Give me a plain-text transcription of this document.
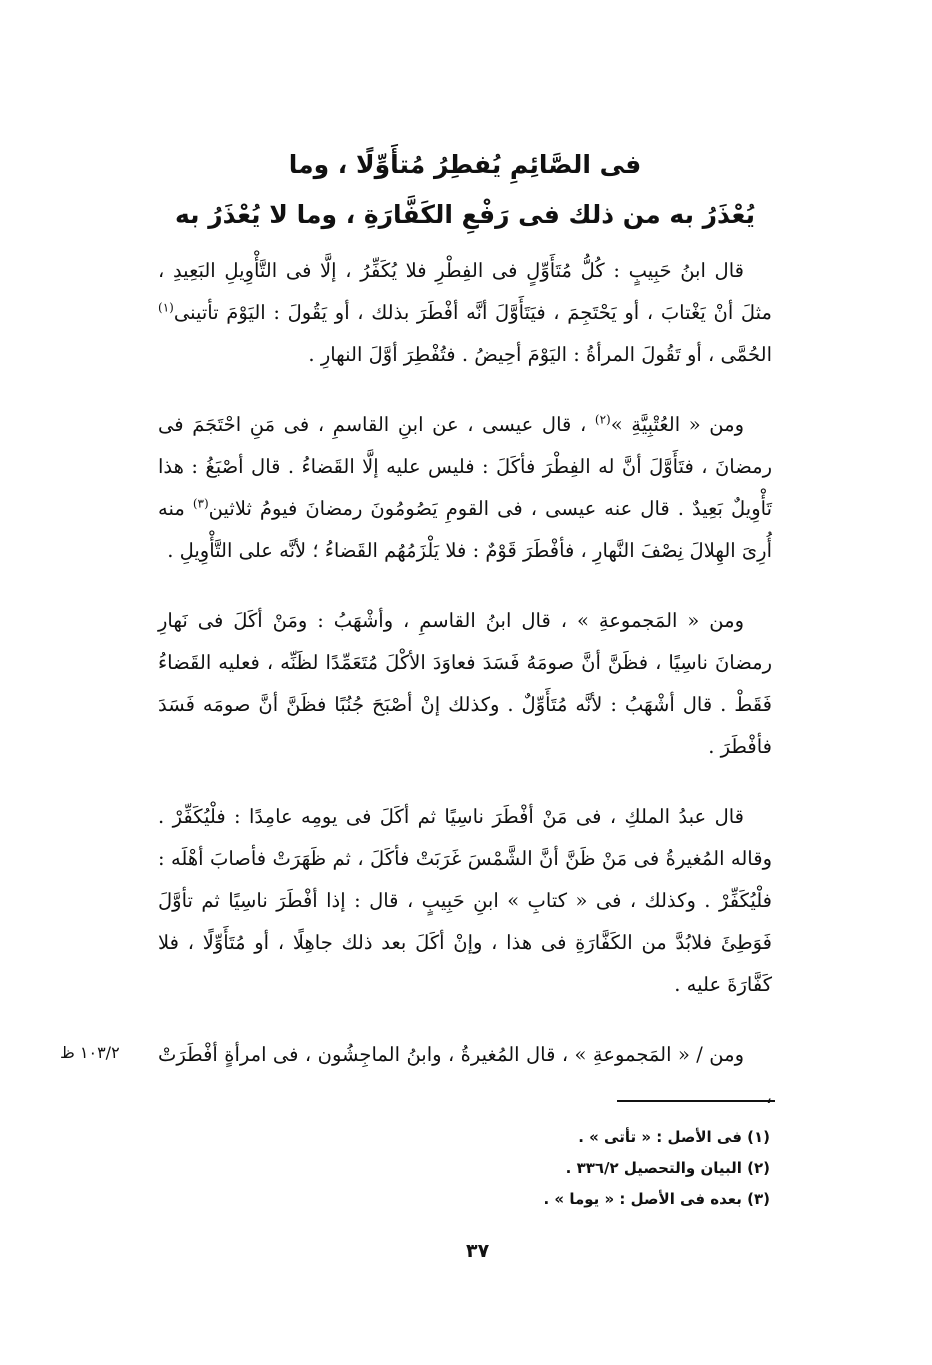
فى الصَّائِمِ يُفطِرُ مُتأَوِّلًا ، وما
يُعْذَرُ به من ذلك فى رَفْعِ الكَفَّارَةِ ، وما لا يُعْذَرُ به

قال ابنُ حَبِيبٍ : كُلُّ مُتَأَوِّلٍ فى الفِطْرِ فلا يُكَفِّرُ ، إلَّا فى التَّأْوِيلِ البَعِيدِ ، مثلَ أنْ يَغْتابَ ، أو يَحْتَجِمَ ، فيَتَأَوَّلَ أنَّه أفْطَرَ بذلك ، أو يَقُولَ : اليَوْمَ تأتينى$^{(١)}$ الحُمَّى ، أو تَقُولَ المرأةُ : اليَوْمَ أحِيضُ . فتُفْطِرَ أوَّلَ النهارِ .

ومن « العُتْبِيَّةِ »$^{(٢)}$ ، قال عيسى ، عن ابنِ القاسمِ ، فى مَنِ احْتَجَمَ فى رمضانَ ، فتَأَوَّلَ أنَّ له الفِطْرَ فأكَلَ : فليس عليه إلَّا القَضاءُ . قال أصْبَغُ : هذا تَأْوِيلٌ بَعِيدٌ . قال عنه عيسى ، فى القومِ يَصُومُونَ رمضانَ فيومُ ثلاثين$^{(٣)}$ منه أُرِىَ الهِلالَ نِصْفَ النَّهارِ ، فأفْطَرَ قَوْمٌ : فلا يَلْزَمُهُم القَضاءُ ؛ لأنَّه على التَّأْوِيلِ .

ومن « المَجموعةِ » ، قال ابنُ القاسمِ ، وأشْهَبُ : ومَنْ أكَلَ فى نَهارِ رمضانَ ناسِيًا ، فظَنَّ أنَّ صومَهُ فَسَدَ فعاوَدَ الأكْلَ مُتَعَمِّدًا لظَنِّه ، فعليه القَضاءُ فَقَطْ . قال أشْهَبُ : لأنَّه مُتَأَوِّلٌ . وكذلك إنْ أصْبَحَ جُنُبًا فظَنَّ أنَّ صومَه فَسَدَ فأفْطَرَ .

قال عبدُ الملكِ ، فى مَنْ أفْطَرَ ناسِيًا ثم أكَلَ فى يومِه عامِدًا : فلْيُكَفِّرْ . وقاله المُغيرةُ فى مَنْ ظَنَّ أنَّ الشَّمْسَ غَرَبَتْ فأكَلَ ، ثم ظَهَرَتْ فأصابَ أهْلَه : فلْيُكَفِّرْ . وكذلك ، فى « كتابِ » ابنِ حَبِيبٍ ، قال : إذا أفْطَرَ ناسِيًا ثم تأوَّلَ فَوَطِئَ فلابُدَّ من الكَفَّارَةِ فى هذا ، وإنْ أكَلَ بعد ذلك جاهِلًا ، أو مُتَأَوِّلًا ، فلا كَفَّارَةَ عليه .

ومن / « المَجموعةِ » ، قال المُغيرةُ ، وابنُ الماجِشُون ، فى امرأةٍ أفْطَرَتْ ،

١٠٣/٢ ظ

(١) فى الأصل : « تأتى » .

(٢) البيان والتحصيل ٣٣٦/٢ .

(٣) بعده فى الأصل : « يوما » .

٣٧
